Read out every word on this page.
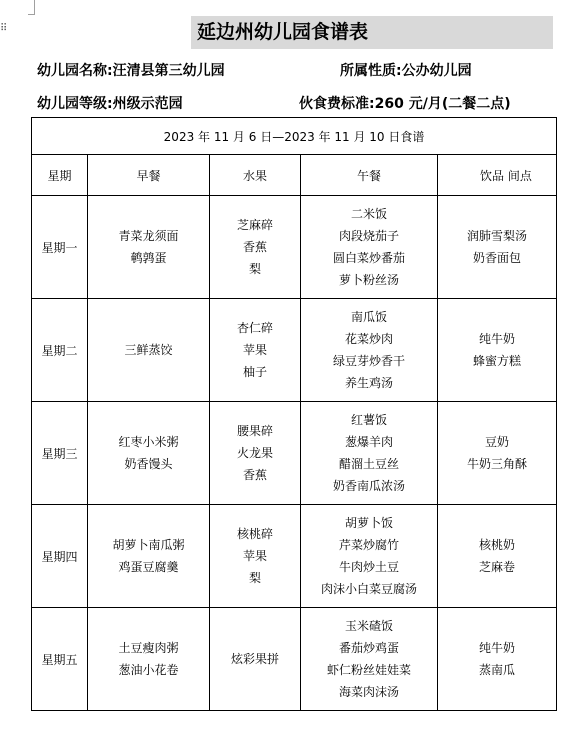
⠿	延边州幼儿园食谱表
幼儿园名称:汪清县第三幼儿园	所属性质:公办幼儿园
幼儿园等级:州级示范园	伙食费标准:260 元/月(二餐二点)
2023 年 11 月 6 日—2023 年 11 月 10 日食谱				
星期	早餐	水果	午餐	饮品 间点
星期一	青菜龙须面
鹌鹑蛋	芝麻碎
香蕉
梨	二米饭
肉段烧茄子
圆白菜炒番茄
萝卜粉丝汤	润肺雪梨汤
奶香面包

星期二	三鲜蒸饺	杏仁碎
苹果
柚子	南瓜饭
花菜炒肉
绿豆芽炒香干
养生鸡汤	纯牛奶
蜂蜜方糕

星期三	红枣小米粥
奶香馒头	腰果碎
火龙果
香蕉	红薯饭
葱爆羊肉
醋溜土豆丝
奶香南瓜浓汤	豆奶
牛奶三角酥

星期四	胡萝卜南瓜粥
鸡蛋豆腐羹	核桃碎
苹果
梨	胡萝卜饭
芹菜炒腐竹
牛肉炒土豆
肉沫小白菜豆腐汤	核桃奶
芝麻卷

星期五	土豆瘦肉粥
葱油小花卷	炫彩果拼	玉米碴饭
番茄炒鸡蛋
虾仁粉丝娃娃菜
海菜肉沫汤	纯牛奶
蒸南瓜
